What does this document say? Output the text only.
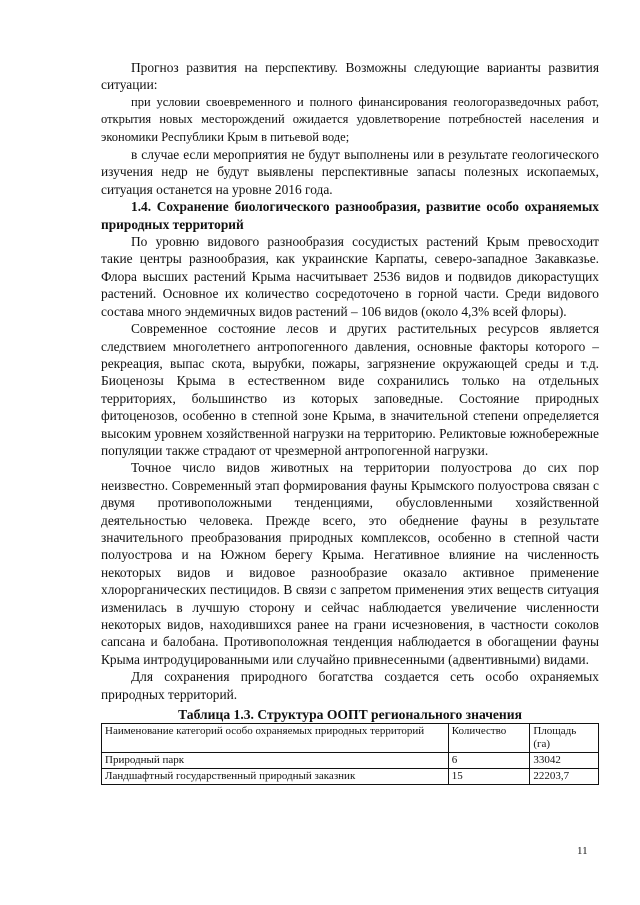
Прогноз развития на перспективу. Возможны следующие варианты развития ситуации:

при условии своевременного и полного финансирования геологоразведочных работ, открытия новых месторождений ожидается удовлетворение потребностей населения и экономики Республики Крым в питьевой воде;

в случае если мероприятия не будут выполнены или в результате геологического изучения недр не будут выявлены перспективные запасы полезных ископаемых, ситуация останется на уровне 2016 года.

1.4. Сохранение биологического разнообразия, развитие особо охраняемых природных территорий

По уровню видового разнообразия сосудистых растений Крым превосходит такие центры разнообразия, как украинские Карпаты, северо-западное Закавказье. Флора высших растений Крыма насчитывает 2536 видов и подвидов дикорастущих растений. Основное их количество сосредоточено в горной части. Среди видового состава много эндемичных видов растений – 106 видов (около 4,3% всей флоры).

Современное состояние лесов и других растительных ресурсов является следствием многолетнего антропогенного давления, основные факторы которого – рекреация, выпас скота, вырубки, пожары, загрязнение окружающей среды и т.д. Биоценозы Крыма в естественном виде сохранились только на отдельных территориях, большинство из которых заповедные. Состояние природных фитоценозов, особенно в степной зоне Крыма, в значительной степени определяется высоким уровнем хозяйственной нагрузки на территорию. Реликтовые южнобережные популяции также страдают от чрезмерной антропогенной нагрузки.

Точное число видов животных на территории полуострова до сих пор неизвестно. Современный этап формирования фауны Крымского полуострова связан с двумя противоположными тенденциями, обусловленными хозяйственной деятельностью человека. Прежде всего, это обеднение фауны в результате значительного преобразования природных комплексов, особенно в степной части полуострова и на Южном берегу Крыма. Негативное влияние на численность некоторых видов и видовое разнообразие оказало активное применение хлорорганических пестицидов. В связи с запретом применения этих веществ ситуация изменилась в лучшую сторону и сейчас наблюдается увеличение численности некоторых видов, находившихся ранее на грани исчезновения, в частности соколов сапсана и балобана. Противоположная тенденция наблюдается в обогащении фауны Крыма интродуцированными или случайно привнесенными (адвентивными) видами.

Для сохранения природного богатства создается сеть особо охраняемых природных территорий.

Таблица 1.3. Структура ООПТ регионального значения

Наименование категорий особо охраняемых природных территорий	Количество	Площадь (га)
Природный парк	6	33042
Ландшафтный государственный природный заказник	15	22203,7
11
